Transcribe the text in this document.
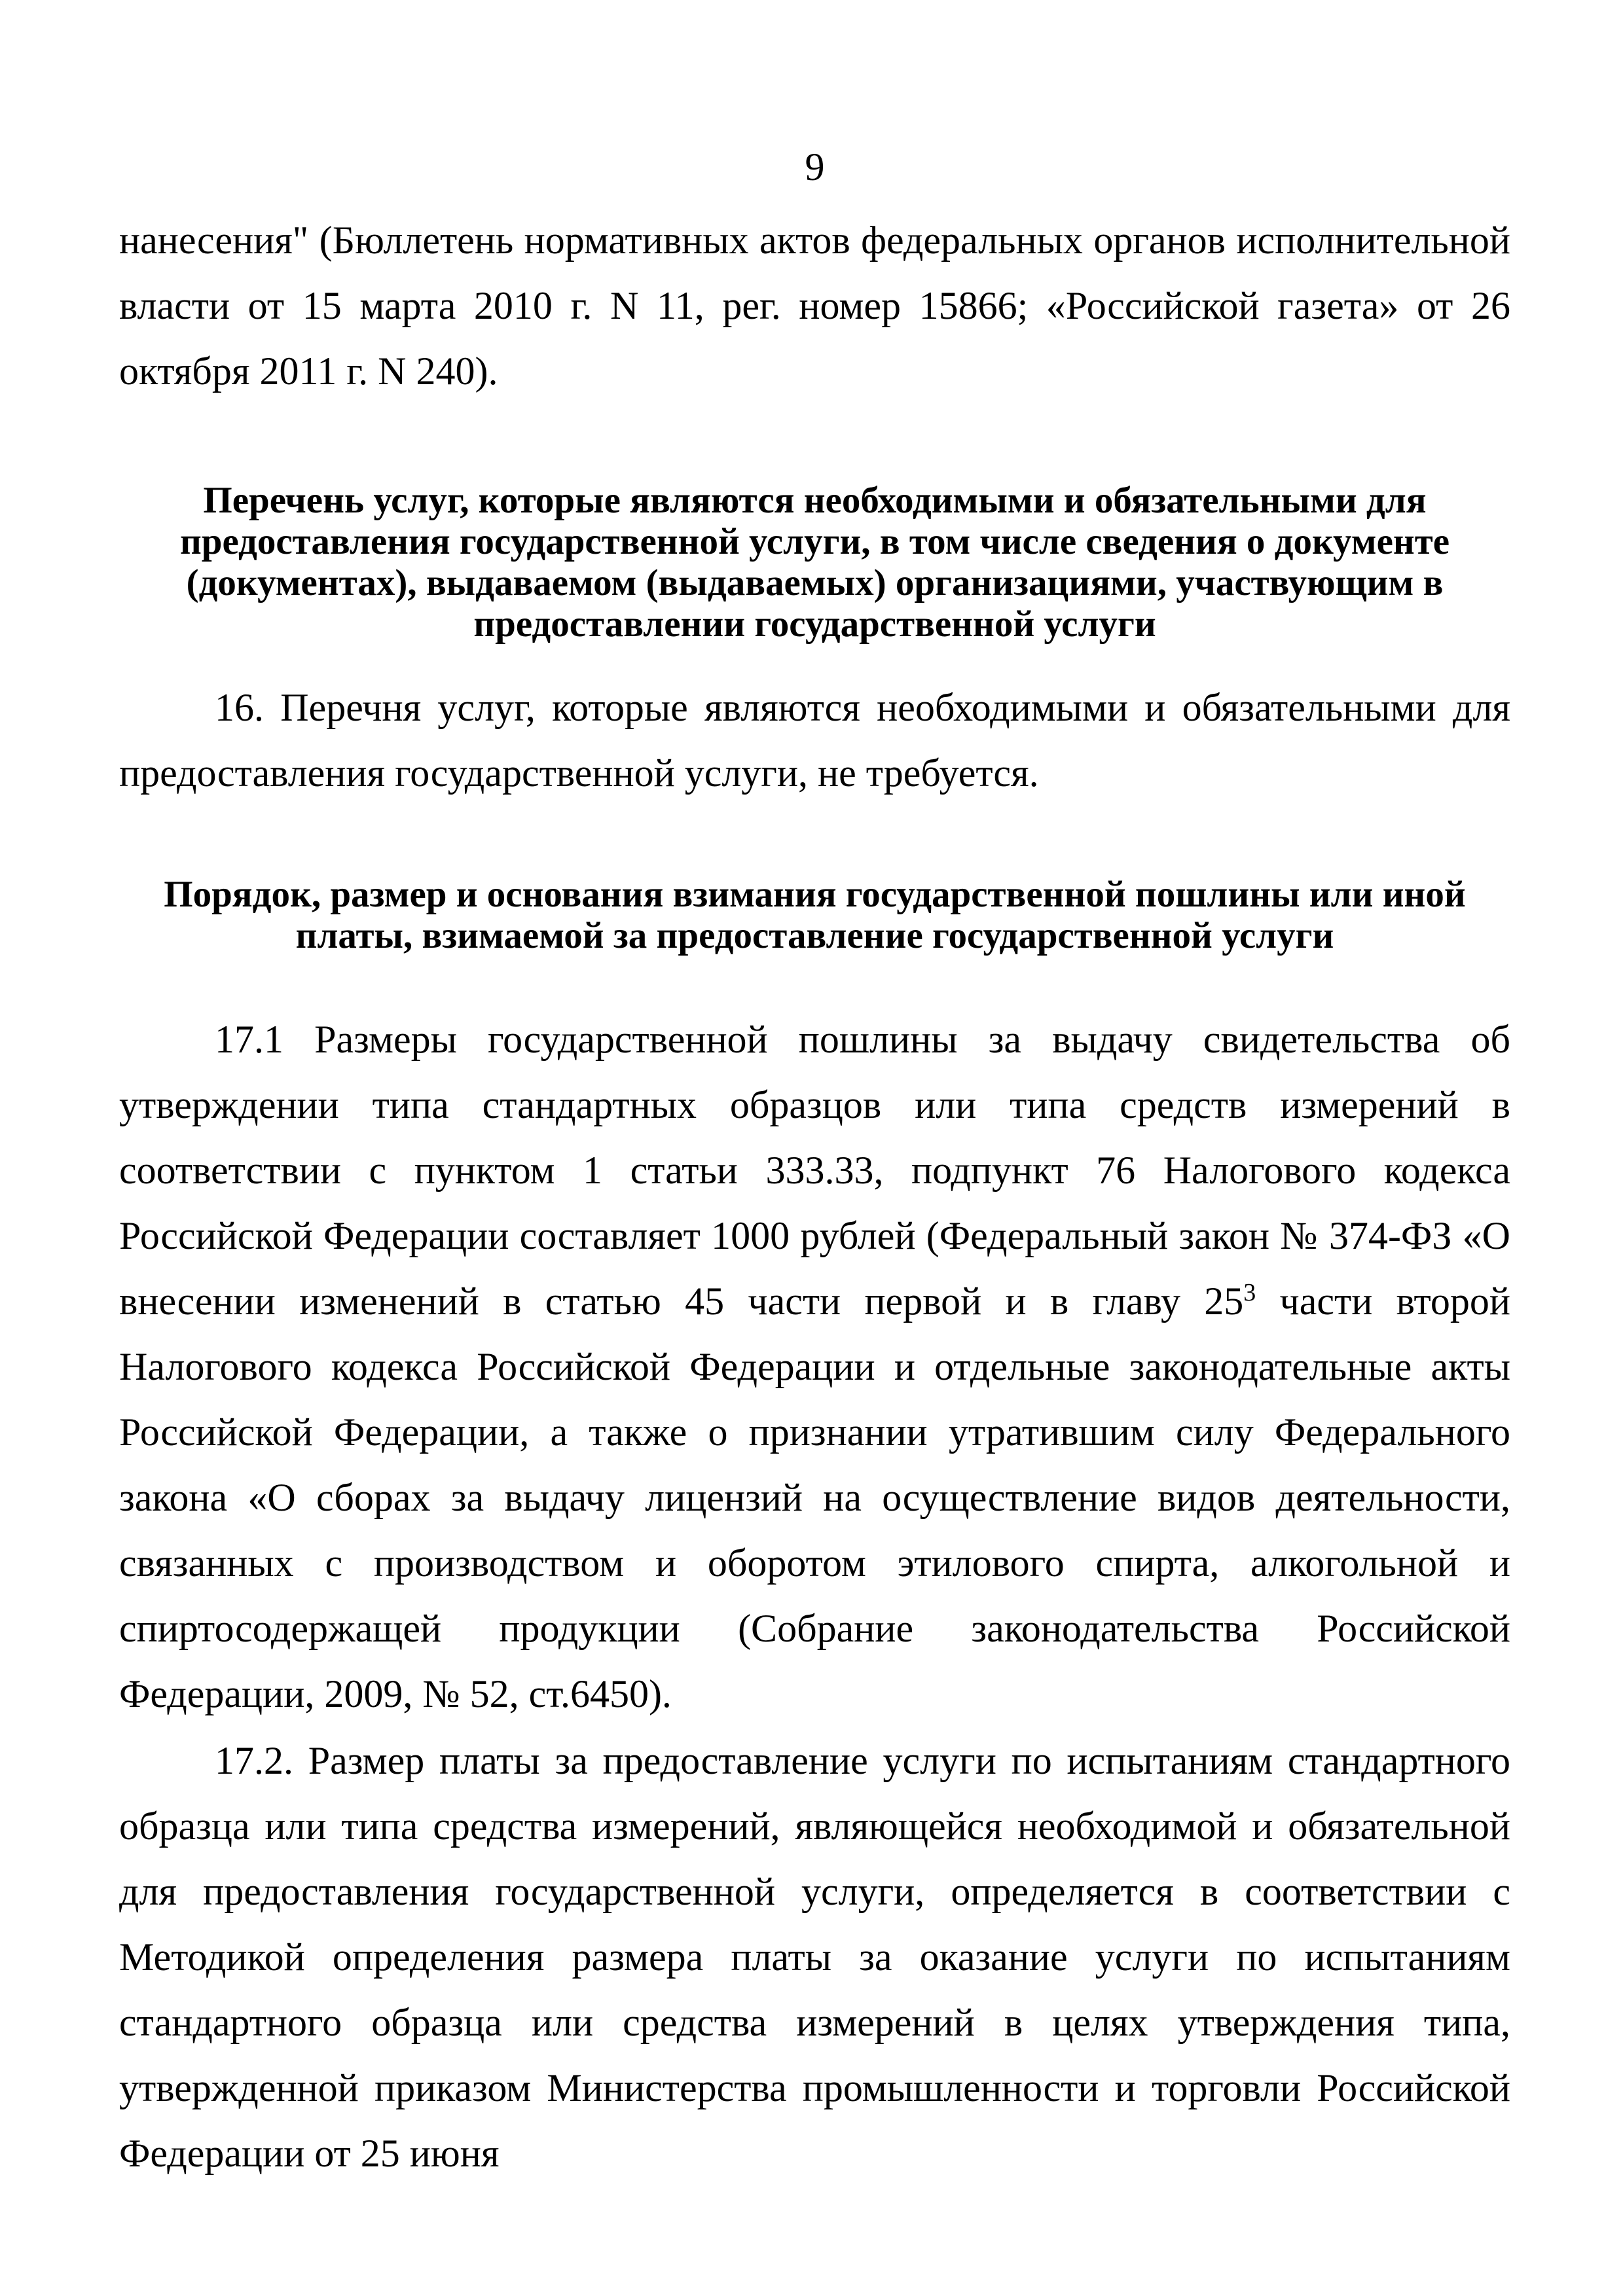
9

нанесения" (Бюллетень нормативных актов федеральных органов исполнительной власти от 15 марта 2010 г. N 11, рег. номер 15866; «Российской газета» от 26 октября 2011 г. N 240).

Перечень услуг, которые являются необходимыми и обязательными для предоставления государственной услуги, в том числе сведения о документе (документах), выдаваемом (выдаваемых) организациями, участвующим в предоставлении государственной услуги

16. Перечня услуг, которые являются необходимыми и обязательными для предоставления государственной услуги, не требуется.

Порядок, размер и основания взимания государственной пошлины или иной платы, взимаемой за предоставление государственной услуги

17.1 Размеры государственной пошлины за выдачу свидетельства об утверждении типа стандартных образцов или типа средств измерений в соответствии с пунктом 1 статьи 333.33, подпункт 76 Налогового кодекса Российской Федерации составляет 1000 рублей (Федеральный закон № 374-ФЗ «О внесении изменений в статью 45 части первой и в главу $25^3$ части второй Налогового кодекса Российской Федерации и отдельные законодательные акты Российской Федерации, а также о признании утратившим силу Федерального закона «О сборах за выдачу лицензий на осуществление видов деятельности, связанных с производством и оборотом этилового спирта, алкогольной и спиртосодержащей продукции (Собрание законодательства Российской Федерации, 2009, № 52, ст.6450).

17.2. Размер платы за предоставление услуги по испытаниям стандартного образца или типа средства измерений, являющейся необходимой и обязательной для предоставления государственной услуги, определяется в соответствии с Методикой определения размера платы за оказание услуги по испытаниям стандартного образца или средства измерений в целях утверждения типа, утвержденной приказом Министерства промышленности и торговли Российской Федерации от 25 июня
